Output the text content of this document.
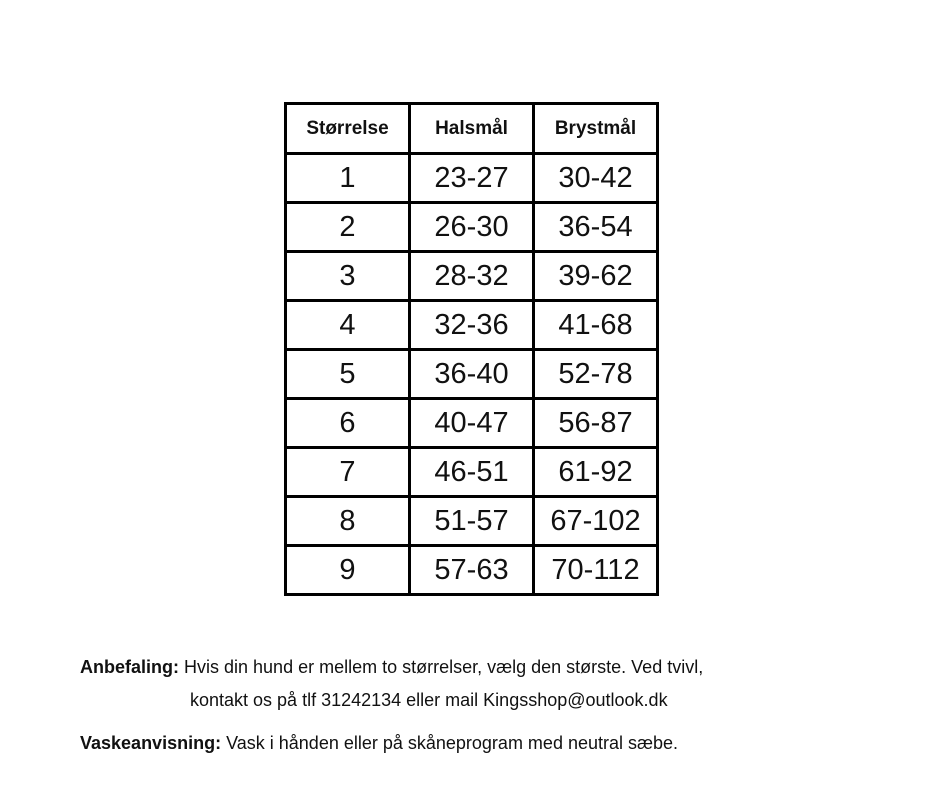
Størrelse	Halsmål	Brystmål
1	23-27	30-42
2	26-30	36-54
3	28-32	39-62
4	32-36	41-68
5	36-40	52-78
6	40-47	56-87
7	46-51	61-92
8	51-57	67-102
9	57-63	70-112
Anbefaling: Hvis din hund er mellem to størrelser, vælg den største. Ved tvivl,
kontakt os på tlf 31242134 eller mail Kingsshop@outlook.dk
Vaskeanvisning: Vask i hånden eller på skåneprogram med neutral sæbe.
